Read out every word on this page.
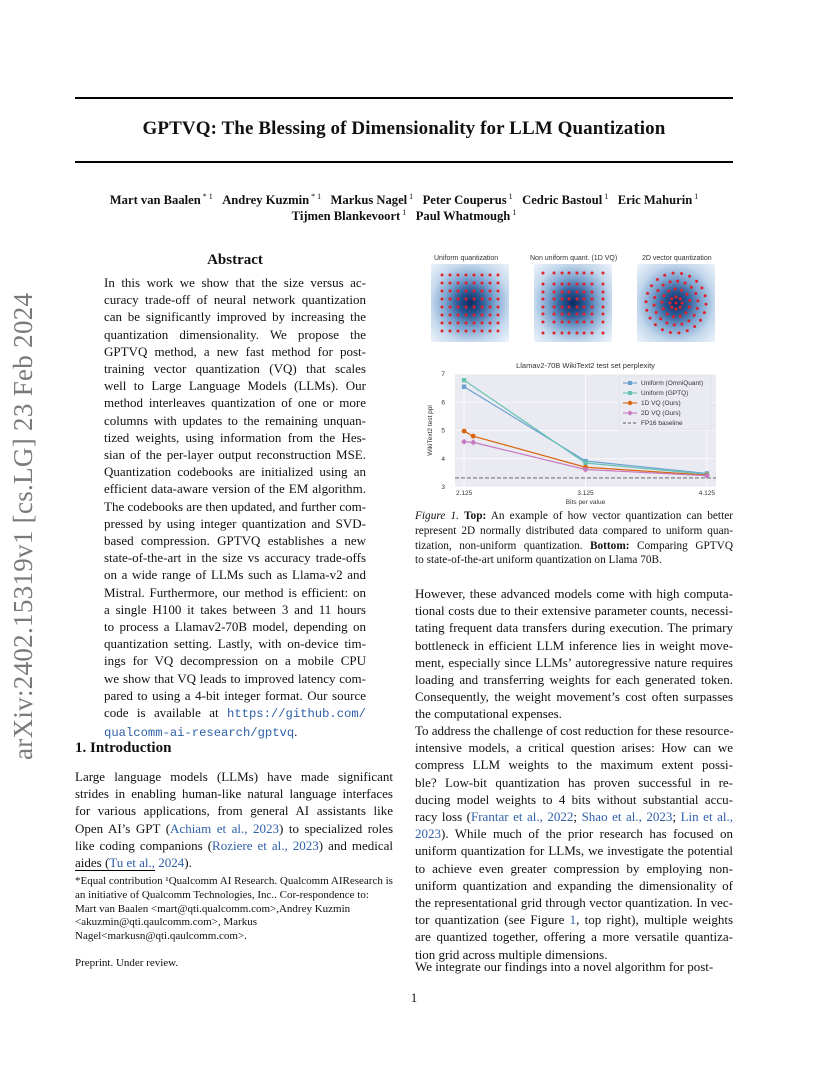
GPTVQ: The Blessing of Dimensionality for LLM Quantization
Mart van Baalen $^{* 1}$ Andrey Kuzmin $^{* 1}$ Markus Nagel $^1$ Peter Couperus $^1$ Cedric Bastoul $^1$ Eric Mahurin $^1$
Tijmen Blankevoort $^1$ Paul Whatmough $^1$
arXiv:2402.15319v1 [cs.LG] 23 Feb 2024
Abstract
In this work we show that the size versus ac-
curacy trade-off of neural network quantization
can be significantly improved by increasing the
quantization dimensionality. We propose the
GPTVQ method, a new fast method for post-
training vector quantization (VQ) that scales
well to Large Language Models (LLMs). Our
method interleaves quantization of one or more
columns with updates to the remaining unquan-
tized weights, using information from the Hes-
sian of the per-layer output reconstruction MSE.
Quantization codebooks are initialized using an
efficient data-aware version of the EM algorithm.
The codebooks are then updated, and further com-
pressed by using integer quantization and SVD-
based compression. GPTVQ establishes a new
state-of-the-art in the size vs accuracy trade-offs
on a wide range of LLMs such as Llama-v2 and
Mistral. Furthermore, our method is efficient: on
a single H100 it takes between 3 and 11 hours
to process a Llamav2-70B model, depending on
quantization setting. Lastly, with on-device tim-
ings for VQ decompression on a mobile CPU
we show that VQ leads to improved latency com-
pared to using a 4-bit integer format. Our source
code is available at https://github.com/
qualcomm-ai-research/gptvq.
1. Introduction
Large language models (LLMs) have made significant
strides in enabling human-like natural language interfaces
for various applications, from general AI assistants like
Open AI’s GPT (Achiam et al., 2023) to specialized roles
like coding companions (Roziere et al., 2023) and medical
aides (Tu et al., 2024).
*Equal contribution ¹Qualcomm AI Research. Qualcomm AIResearch is an initiative of Qualcomm Technologies, Inc.. Cor-respondence to: Mart van Baalen <mart@qti.qualcomm.com>,Andrey Kuzmin <akuzmin@qti.qaulcomm.com>, Markus Nagel<markusn@qti.qaulcomm.com>.
Preprint. Under review.
1
Uniform quantization	Non uniform quant. (1D VQ)	2D vector quantization
3
4
5
6
7
2.125	3.125	4.125
Llamav2-70B WikiText2 test set perplexity
Bits per value
WikiText2 test ppl
Uniform (OmniQuant)
Uniform (GPTQ)
1D VQ (Ours)
2D VQ (Ours)
FP16 baseline
Figure 1. Top: An example of how vector quantization can better
represent 2D normally distributed data compared to uniform quan-
tization, non-uniform quantization. Bottom: Comparing GPTVQ
to state-of-the-art uniform quantization on Llama 70B.
However, these advanced models come with high computa-
tional costs due to their extensive parameter counts, necessi-
tating frequent data transfers during execution. The primary
bottleneck in efficient LLM inference lies in weight move-
ment, especially since LLMs’ autoregressive nature requires
loading and transferring weights for each generated token.
Consequently, the weight movement’s cost often surpasses
the computational expenses.
To address the challenge of cost reduction for these resource-
intensive models, a critical question arises: How can we
compress LLM weights to the maximum extent possi-
ble? Low-bit quantization has proven successful in re-
ducing model weights to 4 bits without substantial accu-
racy loss (Frantar et al., 2022; Shao et al., 2023; Lin et al.,
2023). While much of the prior research has focused on
uniform quantization for LLMs, we investigate the potential
to achieve even greater compression by employing non-
uniform quantization and expanding the dimensionality of
the representational grid through vector quantization. In vec-
tor quantization (see Figure 1, top right), multiple weights
are quantized together, offering a more versatile quantiza-
tion grid across multiple dimensions.
We integrate our findings into a novel algorithm for post-
